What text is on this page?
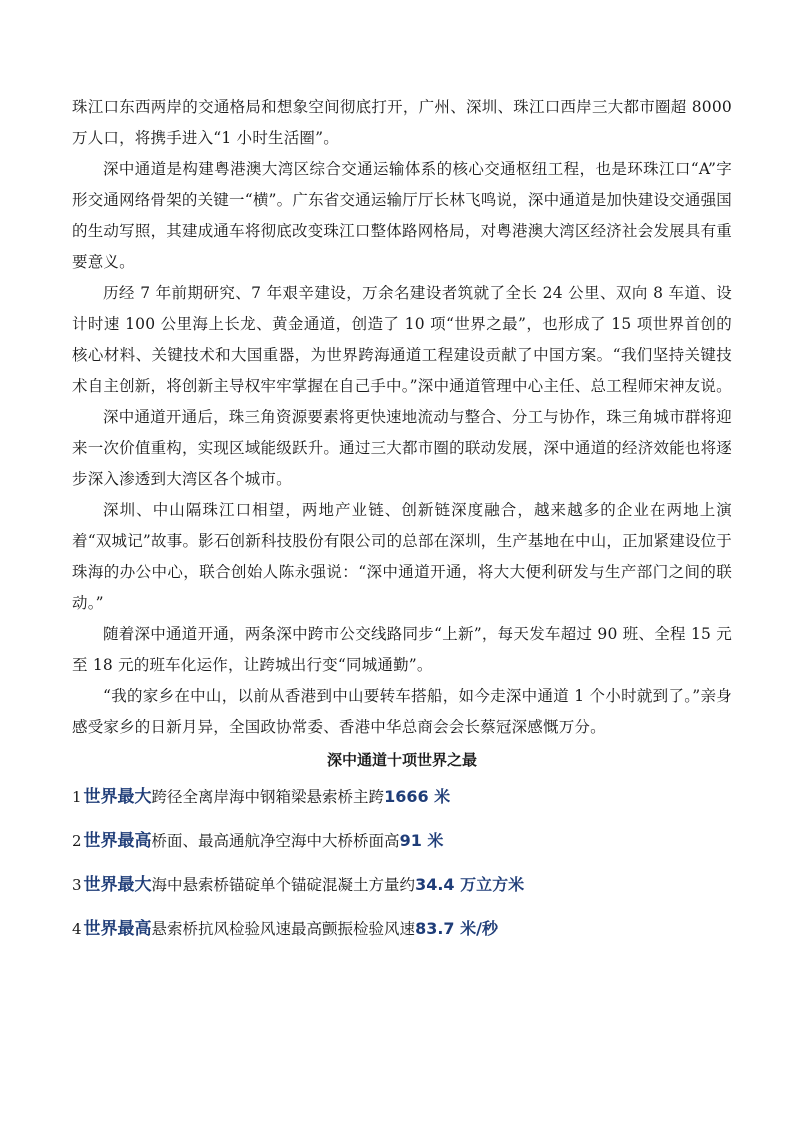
珠江口东西两岸的交通格局和想象空间彻底打开，广州、深圳、珠江口西岸三大都市圈超 8000 万人口，将携手进入“1 小时生活圈”。

深中通道是构建粤港澳大湾区综合交通运输体系的核心交通枢纽工程，也是环珠江口“A”字形交通网络骨架的关键一“横”。广东省交通运输厅厅长林飞鸣说，深中通道是加快建设交通强国的生动写照，其建成通车将彻底改变珠江口整体路网格局，对粤港澳大湾区经济社会发展具有重要意义。

历经 7 年前期研究、7 年艰辛建设，万余名建设者筑就了全长 24 公里、双向 8 车道、设计时速 100 公里海上长龙、黄金通道，创造了 10 项“世界之最”，也形成了 15 项世界首创的核心材料、关键技术和大国重器，为世界跨海通道工程建设贡献了中国方案。“我们坚持关键技术自主创新，将创新主导权牢牢掌握在自己手中。”深中通道管理中心主任、总工程师宋神友说。

深中通道开通后，珠三角资源要素将更快速地流动与整合、分工与协作，珠三角城市群将迎来一次价值重构，实现区域能级跃升。通过三大都市圈的联动发展，深中通道的经济效能也将逐步深入渗透到大湾区各个城市。

深圳、中山隔珠江口相望，两地产业链、创新链深度融合，越来越多的企业在两地上演着“双城记”故事。影石创新科技股份有限公司的总部在深圳，生产基地在中山，正加紧建设位于珠海的办公中心，联合创始人陈永强说：“深中通道开通，将大大便利研发与生产部门之间的联动。”

随着深中通道开通，两条深中跨市公交线路同步“上新”，每天发车超过 90 班、全程 15 元至 18 元的班车化运作，让跨城出行变“同城通勤”。

“我的家乡在中山，以前从香港到中山要转车搭船，如今走深中通道 1 个小时就到了。”亲身感受家乡的日新月异，全国政协常委、香港中华总商会会长蔡冠深感慨万分。

深中通道十项世界之最
1 世界最大跨径全离岸海中钢箱梁悬索桥主跨1666 米
2 世界最高桥面、最高通航净空海中大桥桥面高91 米
3 世界最大海中悬索桥锚碇单个锚碇混凝土方量约34.4 万立方米
4 世界最高悬索桥抗风检验风速最高颤振检验风速83.7 米/秒
